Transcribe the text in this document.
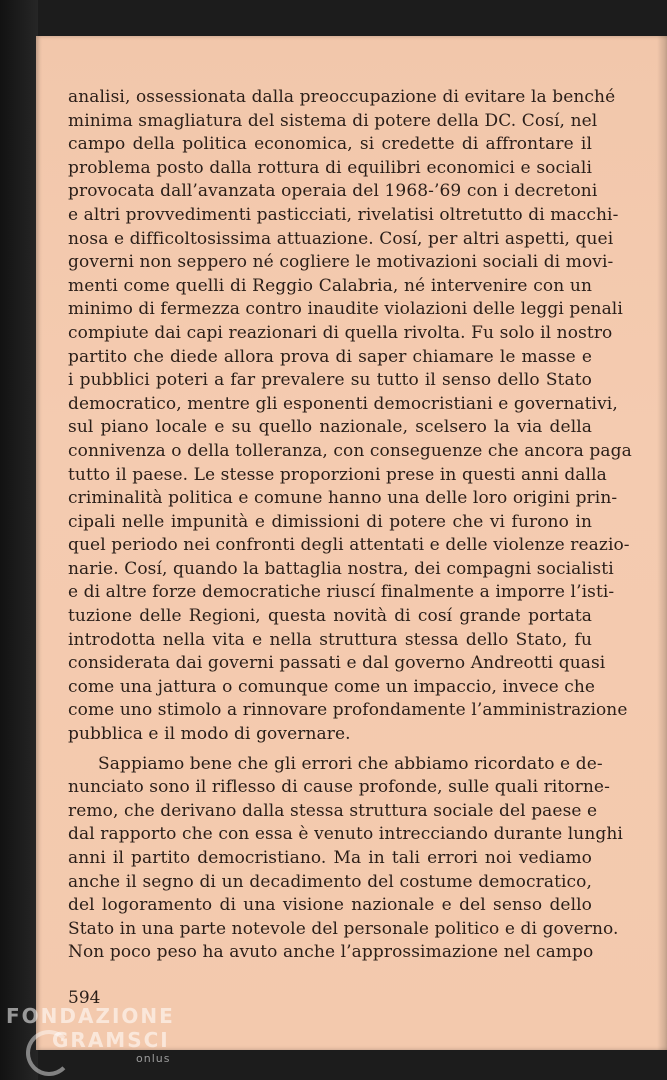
analisi, ossessionata dalla preoccupazione di evitare la benché
minima smagliatura del sistema di potere della DC. Cosí, nel
campo della politica economica, si credette di affrontare il
problema posto dalla rottura di equilibri economici e sociali
provocata dall’avanzata operaia del 1968-’69 con i decretoni
e altri provvedimenti pasticciati, rivelatisi oltretutto di macchi-
nosa e difficoltosissima attuazione. Cosí, per altri aspetti, quei
governi non seppero né cogliere le motivazioni sociali di movi-
menti come quelli di Reggio Calabria, né intervenire con un
minimo di fermezza contro inaudite violazioni delle leggi penali
compiute dai capi reazionari di quella rivolta. Fu solo il nostro
partito che diede allora prova di saper chiamare le masse e
i pubblici poteri a far prevalere su tutto il senso dello Stato
democratico, mentre gli esponenti democristiani e governativi,
sul piano locale e su quello nazionale, scelsero la via della
connivenza o della tolleranza, con conseguenze che ancora paga
tutto il paese. Le stesse proporzioni prese in questi anni dalla
criminalità politica e comune hanno una delle loro origini prin-
cipali nelle impunità e dimissioni di potere che vi furono in
quel periodo nei confronti degli attentati e delle violenze reazio-
narie. Cosí, quando la battaglia nostra, dei compagni socialisti
e di altre forze democratiche riuscí finalmente a imporre l’isti-
tuzione delle Regioni, questa novità di cosí grande portata
introdotta nella vita e nella struttura stessa dello Stato, fu
considerata dai governi passati e dal governo Andreotti quasi
come una jattura o comunque come un impaccio, invece che
come uno stimolo a rinnovare profondamente l’amministrazione
pubblica e il modo di governare.
Sappiamo bene che gli errori che abbiamo ricordato e de-
nunciato sono il riflesso di cause profonde, sulle quali ritorne-
remo, che derivano dalla stessa struttura sociale del paese e
dal rapporto che con essa è venuto intrecciando durante lunghi
anni il partito democristiano. Ma in tali errori noi vediamo
anche il segno di un decadimento del costume democratico,
del logoramento di una visione nazionale e del senso dello
Stato in una parte notevole del personale politico e di governo.
Non poco peso ha avuto anche l’approssimazione nel campo
594
FONDAZIONE
GRAMSCI
onlus
